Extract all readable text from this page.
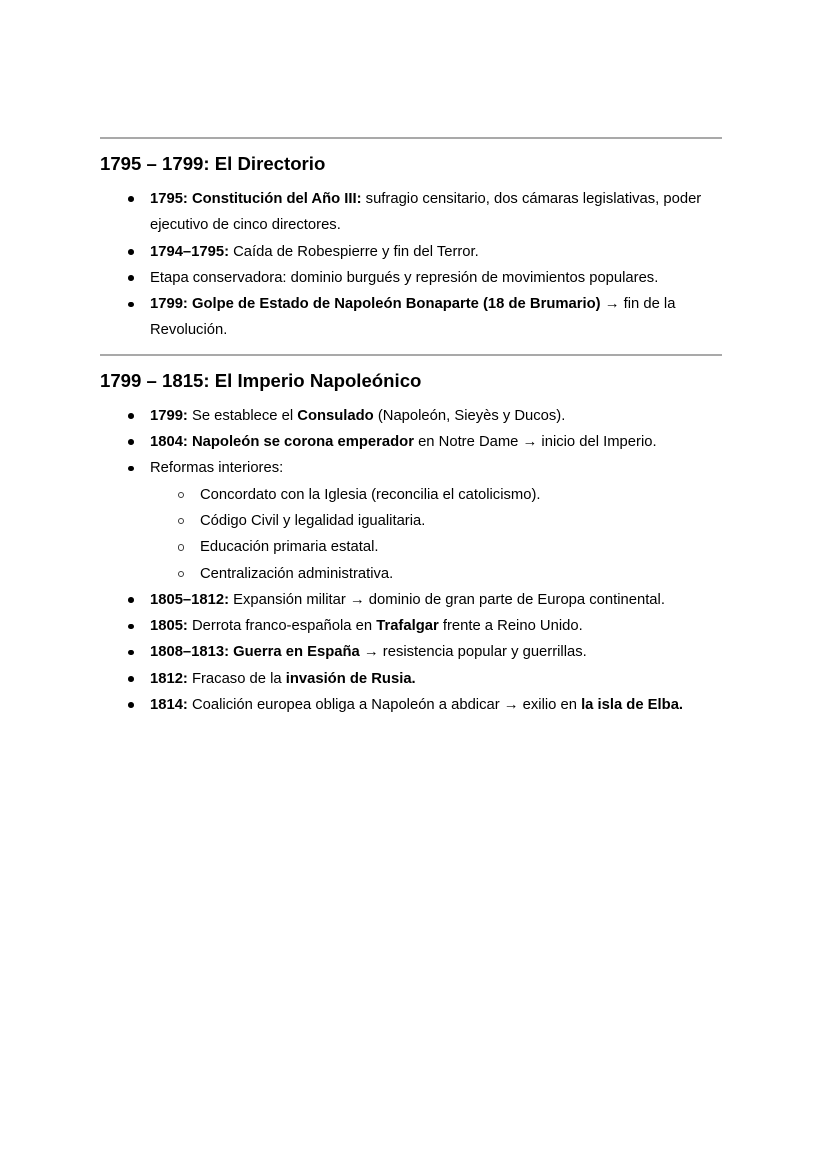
1795 – 1799: El Directorio
1795: Constitución del Año III: sufragio censitario, dos cámaras legislativas, poder ejecutivo de cinco directores.
1794–1795: Caída de Robespierre y fin del Terror.
Etapa conservadora: dominio burgués y represión de movimientos populares.
1799: Golpe de Estado de Napoleón Bonaparte (18 de Brumario) → fin de la Revolución.
1799 – 1815: El Imperio Napoleónico
1799: Se establece el Consulado (Napoleón, Sieyès y Ducos).
1804: Napoleón se corona emperador en Notre Dame → inicio del Imperio.
Reformas interiores:
Concordato con la Iglesia (reconcilia el catolicismo).
Código Civil y legalidad igualitaria.
Educación primaria estatal.
Centralización administrativa.
1805–1812: Expansión militar → dominio de gran parte de Europa continental.
1805: Derrota franco-española en Trafalgar frente a Reino Unido.
1808–1813: Guerra en España → resistencia popular y guerrillas.
1812: Fracaso de la invasión de Rusia.
1814: Coalición europea obliga a Napoleón a abdicar → exilio en la isla de Elba.
